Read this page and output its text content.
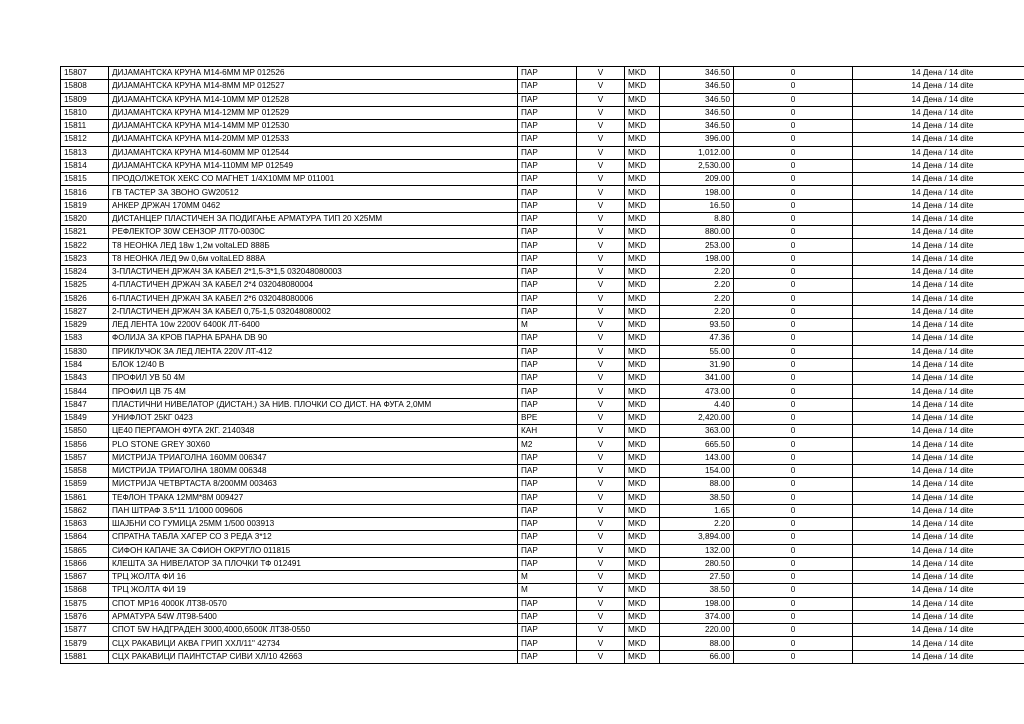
15807	ДИЈАМАНТСКА КРУНА М14-6ММ МР 012526	ПАР	V	MKD	346.50	0	14 Дена / 14 dite
15808	ДИЈАМАНТСКА КРУНА М14-8ММ МР 012527	ПАР	V	MKD	346.50	0	14 Дена / 14 dite
15809	ДИЈАМАНТСКА КРУНА М14-10ММ МР 012528	ПАР	V	MKD	346.50	0	14 Дена / 14 dite
15810	ДИЈАМАНТСКА КРУНА М14-12ММ МР 012529	ПАР	V	MKD	346.50	0	14 Дена / 14 dite
15811	ДИЈАМАНТСКА КРУНА М14-14ММ МР 012530	ПАР	V	MKD	346.50	0	14 Дена / 14 dite
15812	ДИЈАМАНТСКА КРУНА М14-20ММ МР 012533	ПАР	V	MKD	396.00	0	14 Дена / 14 dite
15813	ДИЈАМАНТСКА КРУНА М14-60ММ МР 012544	ПАР	V	MKD	1,012.00	0	14 Дена / 14 dite
15814	ДИЈАМАНТСКА КРУНА М14-110ММ МР 012549	ПАР	V	MKD	2,530.00	0	14 Дена / 14 dite
15815	ПРОДОЛЖЕТОК ХЕКС СО МАГНЕТ 1/4Х10ММ МР 011001	ПАР	V	MKD	209.00	0	14 Дена / 14 dite
15816	ГВ ТАСТЕР ЗА ЗВОНО GW20512	ПАР	V	MKD	198.00	0	14 Дена / 14 dite
15819	АНКЕР ДРЖАЧ 170ММ 0462	ПАР	V	MKD	16.50	0	14 Дена / 14 dite
15820	ДИСТАНЦЕР ПЛАСТИЧЕН ЗА ПОДИГАЊЕ АРМАТУРА ТИП 20 Х25ММ	ПАР	V	MKD	8.80	0	14 Дена / 14 dite
15821	РЕФЛЕКТОР 30W СЕНЗОР ЛТ70-0030С	ПАР	V	MKD	880.00	0	14 Дена / 14 dite
15822	Т8 НЕОНКА ЛЕД 18w 1,2м voltaLED 888Б	ПАР	V	MKD	253.00	0	14 Дена / 14 dite
15823	Т8 НЕОНКА ЛЕД 9w 0,6м voltaLED 888А	ПАР	V	MKD	198.00	0	14 Дена / 14 dite
15824	3-ПЛАСТИЧЕН ДРЖАЧ ЗА КАБЕЛ 2*1,5-3*1,5 032048080003	ПАР	V	MKD	2.20	0	14 Дена / 14 dite
15825	4-ПЛАСТИЧЕН ДРЖАЧ ЗА КАБЕЛ 2*4 032048080004	ПАР	V	MKD	2.20	0	14 Дена / 14 dite
15826	6-ПЛАСТИЧЕН ДРЖАЧ ЗА КАБЕЛ 2*6 032048080006	ПАР	V	MKD	2.20	0	14 Дена / 14 dite
15827	2-ПЛАСТИЧЕН ДРЖАЧ ЗА КАБЕЛ 0,75-1,5 032048080002	ПАР	V	MKD	2.20	0	14 Дена / 14 dite
15829	ЛЕД ЛЕНТА 10w 2200V 6400К ЛТ-6400	М	V	MKD	93.50	0	14 Дена / 14 dite
1583	ФОЛИЈА ЗА КРОВ ПАРНА БРАНА DB 90	ПАР	V	MKD	47.36	0	14 Дена / 14 dite
15830	ПРИКЛУЧОК ЗА ЛЕД ЛЕНТА 220V ЛТ-412	ПАР	V	MKD	55.00	0	14 Дена / 14 dite
1584	БЛОК 12/40 В	ПАР	V	MKD	31.90	0	14 Дена / 14 dite
15843	ПРОФИЛ УВ 50 4М	ПАР	V	MKD	341.00	0	14 Дена / 14 dite
15844	ПРОФИЛ ЦВ 75 4М	ПАР	V	MKD	473.00	0	14 Дена / 14 dite
15847	ПЛАСТИЧНИ НИВЕЛАТОР (ДИСТАН.) ЗА НИВ. ПЛОЧКИ СО ДИСТ. НА ФУГА 2,0ММ	ПАР	V	MKD	4.40	0	14 Дена / 14 dite
15849	УНИФЛОТ 25КГ 0423	ВРЕ	V	MKD	2,420.00	0	14 Дена / 14 dite
15850	ЦЕ40 ПЕРГАМОН ФУГА 2КГ. 2140348	КАН	V	MKD	363.00	0	14 Дена / 14 dite
15856	PLO STONE GREY 30X60	М2	V	MKD	665.50	0	14 Дена / 14 dite
15857	МИСТРИЈА ТРИАГОЛНА 160ММ 006347	ПАР	V	MKD	143.00	0	14 Дена / 14 dite
15858	МИСТРИЈА ТРИАГОЛНА 180ММ 006348	ПАР	V	MKD	154.00	0	14 Дена / 14 dite
15859	МИСТРИЈА ЧЕТВРТАСТА 8/200ММ 003463	ПАР	V	MKD	88.00	0	14 Дена / 14 dite
15861	ТЕФЛОН ТРАКА 12ММ*8М 009427	ПАР	V	MKD	38.50	0	14 Дена / 14 dite
15862	ПАН ШТРАФ 3.5*11 1/1000 009606	ПАР	V	MKD	1.65	0	14 Дена / 14 dite
15863	ШАЈБНИ СО ГУМИЦА 25ММ 1/500 003913	ПАР	V	MKD	2.20	0	14 Дена / 14 dite
15864	СПРАТНА ТАБЛА ХАГЕР СО 3 РЕДА 3*12	ПАР	V	MKD	3,894.00	0	14 Дена / 14 dite
15865	СИФОН КАПАЧЕ ЗА СФИОН ОКРУГЛО 011815	ПАР	V	MKD	132.00	0	14 Дена / 14 dite
15866	КЛЕШТА ЗА НИВЕЛАТОР ЗА ПЛОЧКИ ТФ 012491	ПАР	V	MKD	280.50	0	14 Дена / 14 dite
15867	ТРЦ ЖОЛТА ФИ 16	М	V	MKD	27.50	0	14 Дена / 14 dite
15868	ТРЦ ЖОЛТА ФИ 19	М	V	MKD	38.50	0	14 Дена / 14 dite
15875	СПОТ МР16 4000К ЛТ38-0570	ПАР	V	MKD	198.00	0	14 Дена / 14 dite
15876	АРМАТУРА 54W ЛТ98-5400	ПАР	V	MKD	374.00	0	14 Дена / 14 dite
15877	СПОТ 5W НАДГРАДЕН 3000,4000,6500К ЛТ38-0550	ПАР	V	MKD	220.00	0	14 Дена / 14 dite
15879	СЦХ РАКАВИЦИ АКВА ГРИП ХХЛ/11" 42734	ПАР	V	MKD	88.00	0	14 Дена / 14 dite
15881	СЦХ РАКАВИЦИ ПАИНТСТАР СИВИ ХЛ/10 42663	ПАР	V	MKD	66.00	0	14 Дена / 14 dite
